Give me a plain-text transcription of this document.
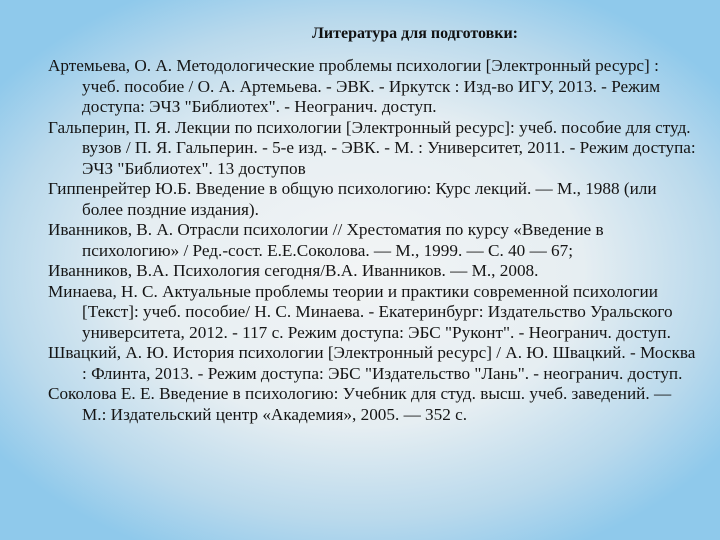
Литература для подготовки:
Артемьева, О. А. Методологические проблемы психологии [Электронный ресурс] : учеб. пособие / О. А. Артемьева. - ЭВК. - Иркутск : Изд-во ИГУ, 2013. - Режим доступа: ЭЧЗ "Библиотех". - Неогранич. доступ.
Гальперин, П. Я. Лекции по психологии [Электронный ресурс]: учеб. пособие для студ. вузов / П. Я. Гальперин. - 5-е изд. - ЭВК. - М. : Университет, 2011. - Режим доступа: ЭЧЗ "Библиотех". 13 доступов
Гиппенрейтер Ю.Б. Введение в общую психологию: Курс лекций. — М., 1988 (или более поздние издания).
Иванников, В. А. Отрасли психологии // Хрестоматия по курсу «Введение в психологию» / Ред.-сост. Е.Е.Соколова. — М., 1999. — С. 40 — 67;
Иванников, В.А. Психология сегодня/В.А. Иванников. — М., 2008.
Минаева, Н. С. Актуальные проблемы теории и практики современной психологии [Текст]: учеб. пособие/ Н. С. Минаева. - Екатеринбург: Издательство Уральского университета, 2012. - 117 с. Режим доступа: ЭБС "Руконт". - Неогранич. доступ.
Швацкий, А. Ю. История психологии [Электронный ресурс] / А. Ю. Швацкий. - Москва : Флинта, 2013. - Режим доступа: ЭБС "Издательство "Лань". - неогранич. доступ.
Соколова Е. Е. Введение в психологию: Учебник для студ. высш. учеб. заведений. — М.: Издательский центр «Академия», 2005. — 352 с.
